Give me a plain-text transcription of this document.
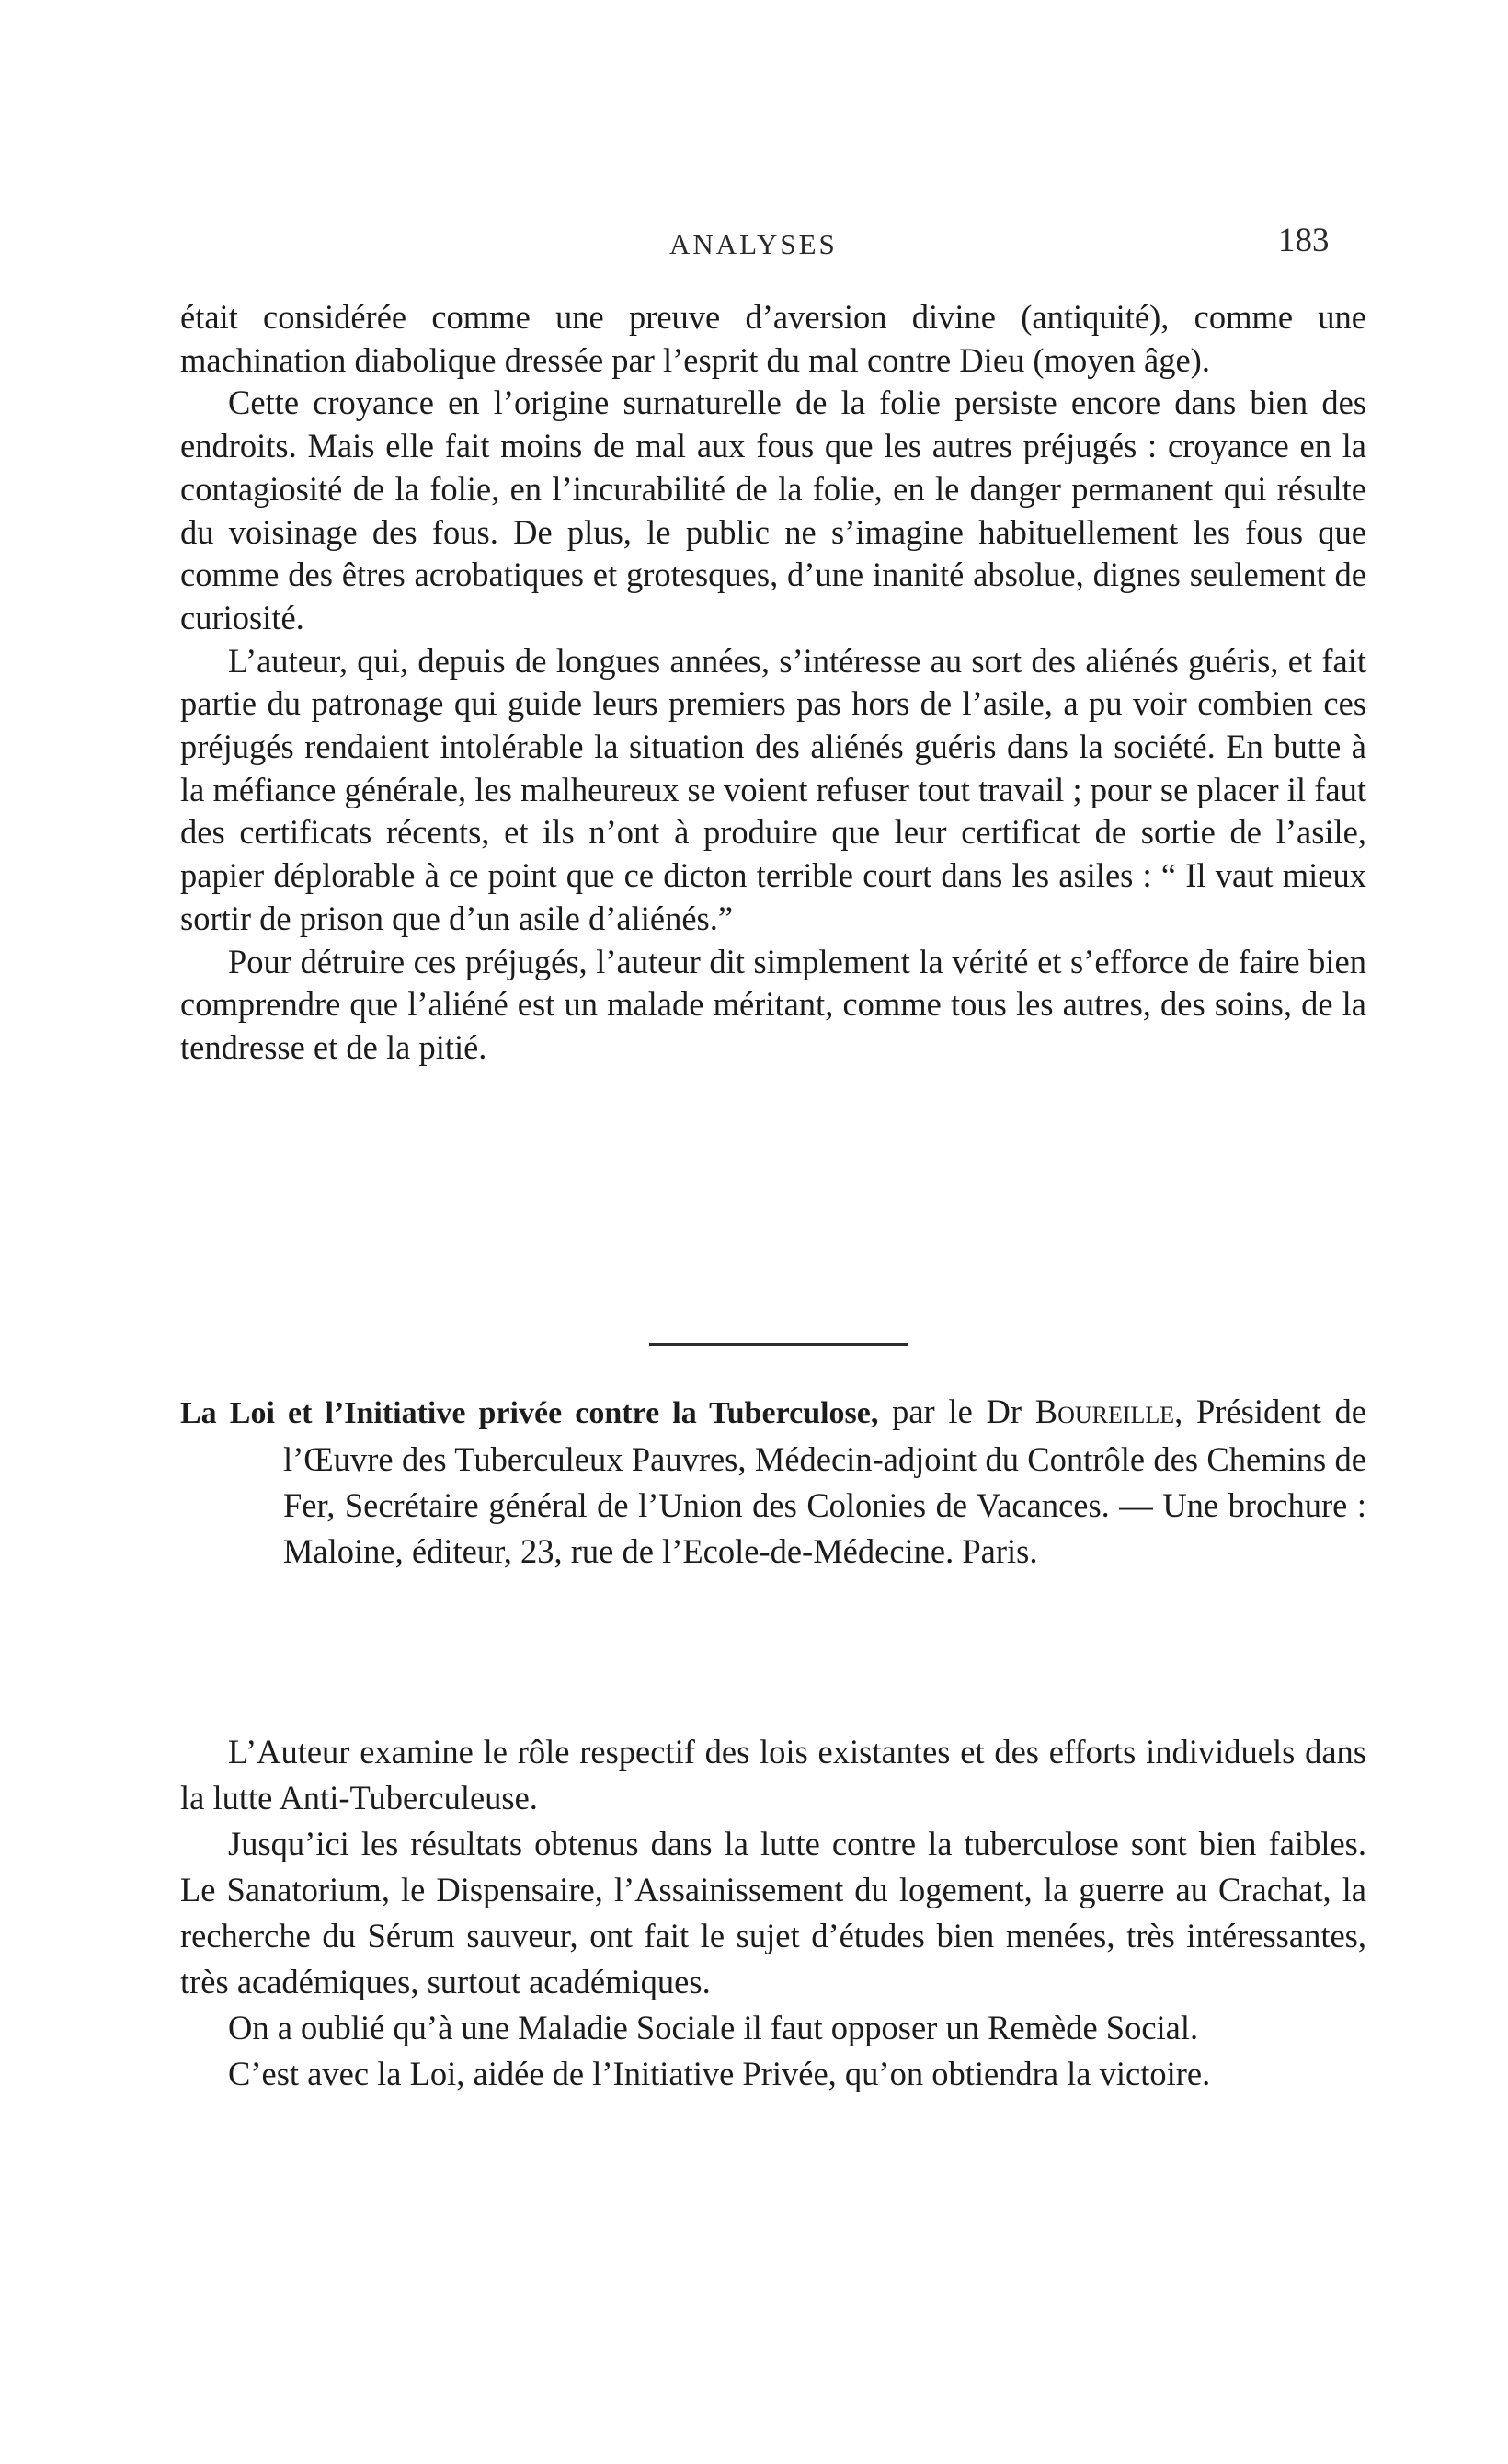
ANALYSES	183

était considérée comme une preuve d’aversion divine (antiquité), comme une machination diabolique dressée par l’esprit du mal contre Dieu (moyen âge).

Cette croyance en l’origine surnaturelle de la folie persiste encore dans bien des endroits. Mais elle fait moins de mal aux fous que les autres préjugés : croyance en la contagiosité de la folie, en l’incurabilité de la folie, en le danger permanent qui résulte du voisinage des fous. De plus, le public ne s’imagine habituellement les fous que comme des êtres acrobatiques et grotesques, d’une inanité absolue, dignes seulement de curiosité.

L’auteur, qui, depuis de longues années, s’intéresse au sort des aliénés guéris, et fait partie du patronage qui guide leurs premiers pas hors de l’asile, a pu voir combien ces préjugés rendaient intolérable la situation des aliénés guéris dans la société. En butte à la méfiance générale, les malheureux se voient refuser tout travail ; pour se placer il faut des certificats récents, et ils n’ont à produire que leur certificat de sortie de l’asile, papier déplorable à ce point que ce dicton terrible court dans les asiles : “ Il vaut mieux sortir de prison que d’un asile d’aliénés.”

Pour détruire ces préjugés, l’auteur dit simplement la vérité et s’efforce de faire bien comprendre que l’aliéné est un malade méritant, comme tous les autres, des soins, de la tendresse et de la pitié.

La Loi et l’Initiative privée contre la Tuberculose, par le Dr Boureille, Président de l’Œuvre des Tuberculeux Pauvres, Médecin-adjoint du Contrôle des Chemins de Fer, Secrétaire général de l’Union des Colonies de Vacances. — Une brochure : Maloine, éditeur, 23, rue de l’Ecole-de-Médecine. Paris.

L’Auteur examine le rôle respectif des lois existantes et des efforts individuels dans la lutte Anti-Tuberculeuse.

Jusqu’ici les résultats obtenus dans la lutte contre la tuberculose sont bien faibles. Le Sanatorium, le Dispensaire, l’Assainissement du logement, la guerre au Crachat, la recherche du Sérum sauveur, ont fait le sujet d’études bien menées, très intéressantes, très académiques, surtout académiques.

On a oublié qu’à une Maladie Sociale il faut opposer un Remède Social.

C’est avec la Loi, aidée de l’Initiative Privée, qu’on obtiendra la victoire.
